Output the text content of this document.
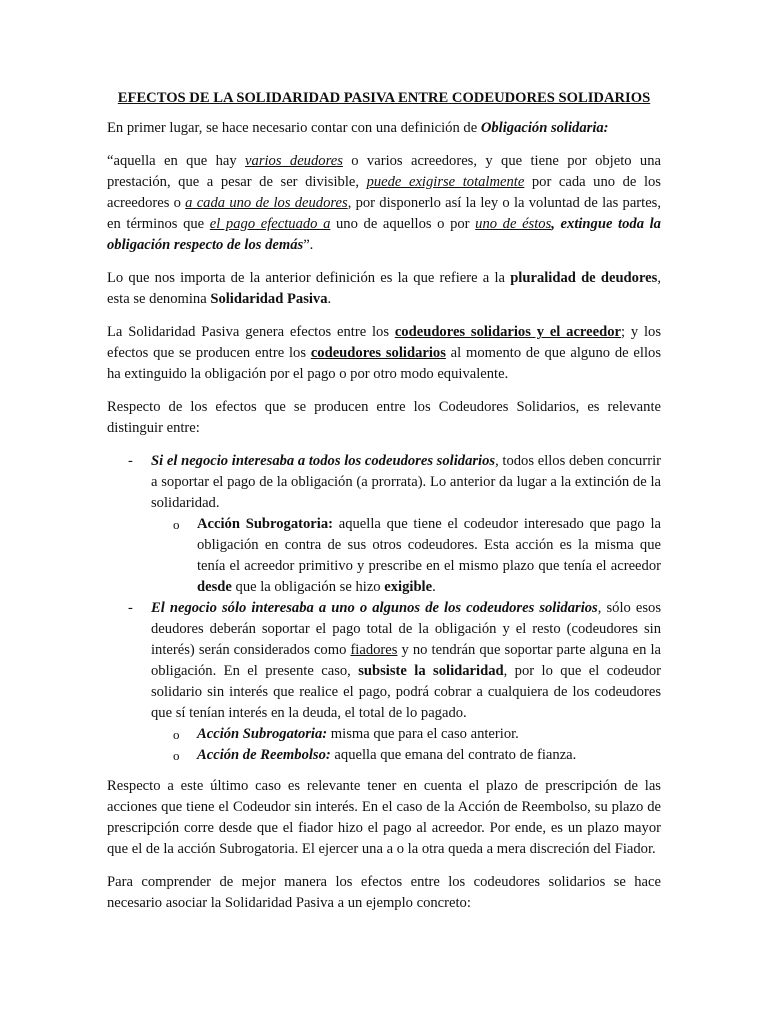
EFECTOS DE LA SOLIDARIDAD PASIVA ENTRE CODEUDORES SOLIDARIOS

En primer lugar, se hace necesario contar con una definición de Obligación solidaria:

“aquella en que hay varios deudores o varios acreedores, y que tiene por objeto una prestación, que a pesar de ser divisible, puede exigirse totalmente por cada uno de los acreedores o a cada uno de los deudores, por disponerlo así la ley o la voluntad de las partes, en términos que el pago efectuado a uno de aquellos o por uno de éstos, extingue toda la obligación respecto de los demás”.

Lo que nos importa de la anterior definición es la que refiere a la pluralidad de deudores, esta se denomina Solidaridad Pasiva.

La Solidaridad Pasiva genera efectos entre los codeudores solidarios y el acreedor; y los efectos que se producen entre los codeudores solidarios al momento de que alguno de ellos ha extinguido la obligación por el pago o por otro modo equivalente.

Respecto de los efectos que se producen entre los Codeudores Solidarios, es relevante distinguir entre:

- Si el negocio interesaba a todos los codeudores solidarios, todos ellos deben concurrir a soportar el pago de la obligación (a prorrata). Lo anterior da lugar a la extinción de la solidaridad.
o Acción Subrogatoria: aquella que tiene el codeudor interesado que pago la obligación en contra de sus otros codeudores. Esta acción es la misma que tenía el acreedor primitivo y prescribe en el mismo plazo que tenía el acreedor desde que la obligación se hizo exigible.
- El negocio sólo interesaba a uno o algunos de los codeudores solidarios, sólo esos deudores deberán soportar el pago total de la obligación y el resto (codeudores sin interés) serán considerados como fiadores y no tendrán que soportar parte alguna en la obligación. En el presente caso, subsiste la solidaridad, por lo que el codeudor solidario sin interés que realice el pago, podrá cobrar a cualquiera de los codeudores que sí tenían interés en la deuda, el total de lo pagado.
o Acción Subrogatoria: misma que para el caso anterior.
o Acción de Reembolso: aquella que emana del contrato de fianza.

Respecto a este último caso es relevante tener en cuenta el plazo de prescripción de las acciones que tiene el Codeudor sin interés. En el caso de la Acción de Reembolso, su plazo de prescripción corre desde que el fiador hizo el pago al acreedor. Por ende, es un plazo mayor que el de la acción Subrogatoria. El ejercer una a o la otra queda a mera discreción del Fiador.

Para comprender de mejor manera los efectos entre los codeudores solidarios se hace necesario asociar la Solidaridad Pasiva a un ejemplo concreto:
